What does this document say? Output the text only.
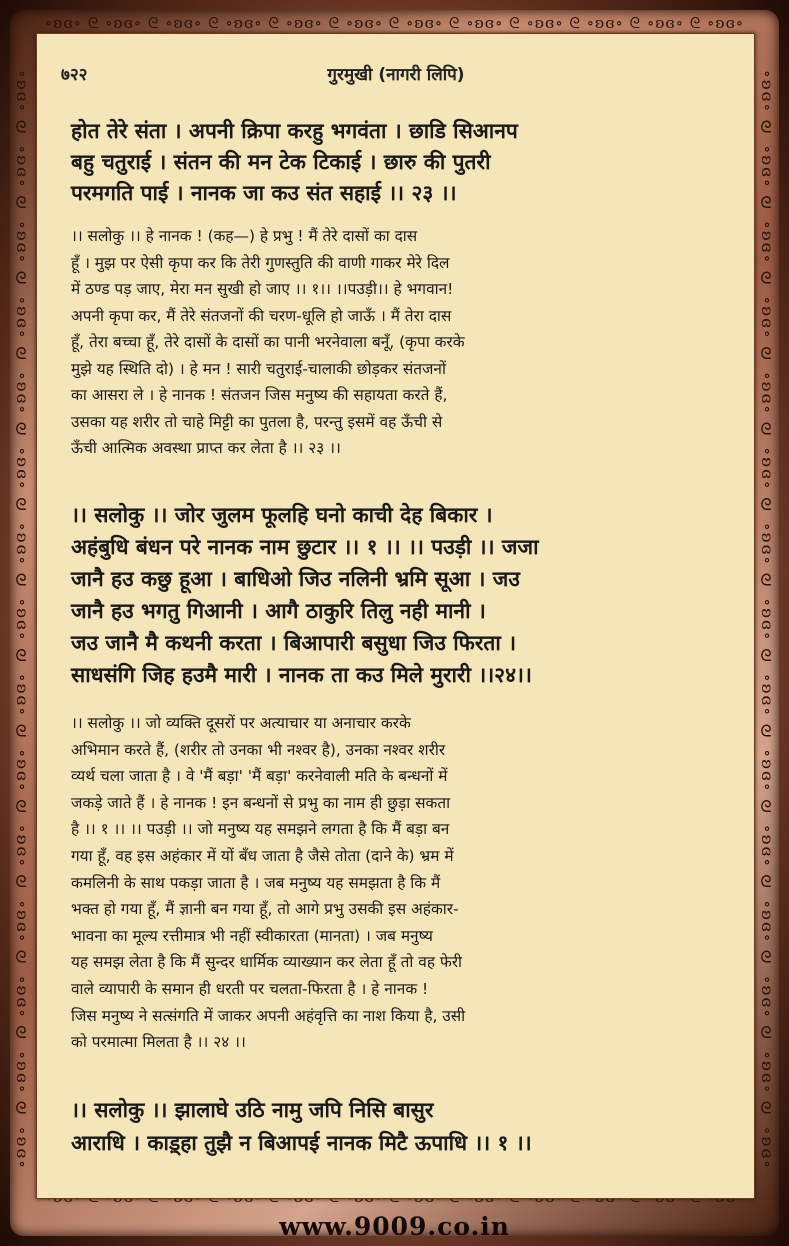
∘ʚɞ∘ ᘓ ∘ʚɞ∘ ᘓ ∘ʚɞ∘ ᘓ ∘ʚɞ∘ ᘓ ∘ʚɞ∘ ᘓ ∘ʚɞ∘ ᘓ ∘ʚɞ∘ ᘓ ∘ʚɞ∘ ᘓ ∘ʚɞ∘ ᘓ ∘ʚɞ∘ ᘓ ∘ʚɞ∘ ᘓ ∘ʚɞ∘
∘ʚɞ∘ ᘓ ∘ʚɞ∘ ᘓ ∘ʚɞ∘ ᘓ ∘ʚɞ∘ ᘓ ∘ʚɞ∘ ᘓ ∘ʚɞ∘ ᘓ ∘ʚɞ∘ ᘓ ∘ʚɞ∘ ᘓ ∘ʚɞ∘ ᘓ ∘ʚɞ∘ ᘓ ∘ʚɞ∘ ᘓ ∘ʚɞ∘ ᘓ ∘ʚɞ∘ ᘓ ∘ʚɞ∘ ᘓ ∘ʚɞ∘	∘ʚɞ∘ ᘓ ∘ʚɞ∘ ᘓ ∘ʚɞ∘ ᘓ ∘ʚɞ∘ ᘓ ∘ʚɞ∘ ᘓ ∘ʚɞ∘ ᘓ ∘ʚɞ∘ ᘓ ∘ʚɞ∘ ᘓ ∘ʚɞ∘ ᘓ ∘ʚɞ∘ ᘓ ∘ʚɞ∘ ᘓ ∘ʚɞ∘ ᘓ ∘ʚɞ∘ ᘓ ∘ʚɞ∘ ᘓ ∘ʚɞ∘
७२२	गुरमुखी (नागरी लिपि)
होत तेरे संता । अपनी क्रिपा करहु भगवंता । छाडि सिआनप
बहु चतुराई । संतन की मन टेक टिकाई । छारु की पुतरी
परमगति पाई । नानक जा कउ संत सहाई ।। २३ ।।
।। सलोकु ।। हे नानक ! (कह—) हे प्रभु ! मैं तेरे दासों का दास
हूँ । मुझ पर ऐसी कृपा कर कि तेरी गुणस्तुति की वाणी गाकर मेरे दिल
में ठण्ड पड़ जाए, मेरा मन सुखी हो जाए ।। १।। ।।पउड़ी।। हे भगवान!
अपनी कृपा कर, मैं तेरे संतजनों की चरण-धूलि हो जाऊँ । मैं तेरा दास
हूँ, तेरा बच्चा हूँ, तेरे दासों के दासों का पानी भरनेवाला बनूँ, (कृपा करके
मुझे यह स्थिति दो) । हे मन ! सारी चतुराई-चालाकी छोड़कर संतजनों
का आसरा ले । हे नानक ! संतजन जिस मनुष्य की सहायता करते हैं,
उसका यह शरीर तो चाहे मिट्टी का पुतला है, परन्तु इसमें वह ऊँची से
ऊँची आत्मिक अवस्था प्राप्त कर लेता है ।। २३ ।।
।। सलोकु ।। जोर जुलम फूलहि घनो काची देह बिकार ।
अहंबुधि बंधन परे नानक नाम छुटार ।। १ ।। ।। पउड़ी ।। जजा
जानै हउ कछु हूआ । बाधिओ जिउ नलिनी भ्रमि सूआ । जउ
जानै हउ भगतु गिआनी । आगै ठाकुरि तिलु नही मानी ।
जउ जानै मै कथनी करता । बिआपारी बसुधा जिउ फिरता ।
साधसंगि जिह हउमै मारी । नानक ता कउ मिले मुरारी ।।२४।।
।। सलोकु ।। जो व्यक्ति दूसरों पर अत्याचार या अनाचार करके
अभिमान करते हैं, (शरीर तो उनका भी नश्वर है), उनका नश्वर शरीर
व्यर्थ चला जाता है । वे 'मैं बड़ा' 'मैं बड़ा' करनेवाली मति के बन्धनों में
जकड़े जाते हैं । हे नानक ! इन बन्धनों से प्रभु का नाम ही छुड़ा सकता
है ।। १ ।। ।। पउड़ी ।। जो मनुष्य यह समझने लगता है कि मैं बड़ा बन
गया हूँ, वह इस अहंकार में यों बँध जाता है जैसे तोता (दाने के) भ्रम में
कमलिनी के साथ पकड़ा जाता है । जब मनुष्य यह समझता है कि मैं
भक्त हो गया हूँ, मैं ज्ञानी बन गया हूँ, तो आगे प्रभु उसकी इस अहंकार-
भावना का मूल्य रत्तीमात्र भी नहीं स्वीकारता (मानता) । जब मनुष्य
यह समझ लेता है कि मैं सुन्दर धार्मिक व्याख्यान कर लेता हूँ तो वह फेरी
वाले व्यापारी के समान ही धरती पर चलता-फिरता है । हे नानक !
जिस मनुष्य ने सत्संगति में जाकर अपनी अहंवृत्ति का नाश किया है, उसी
को परमात्मा मिलता है ।। २४ ।।
।। सलोकु ।। झालाघे उठि नामु जपि निसि बासुर
आराधि । काड़्हा तुझै न बिआपई नानक मिटै ऊपाधि ।। १ ।।
www.9009.co.in
